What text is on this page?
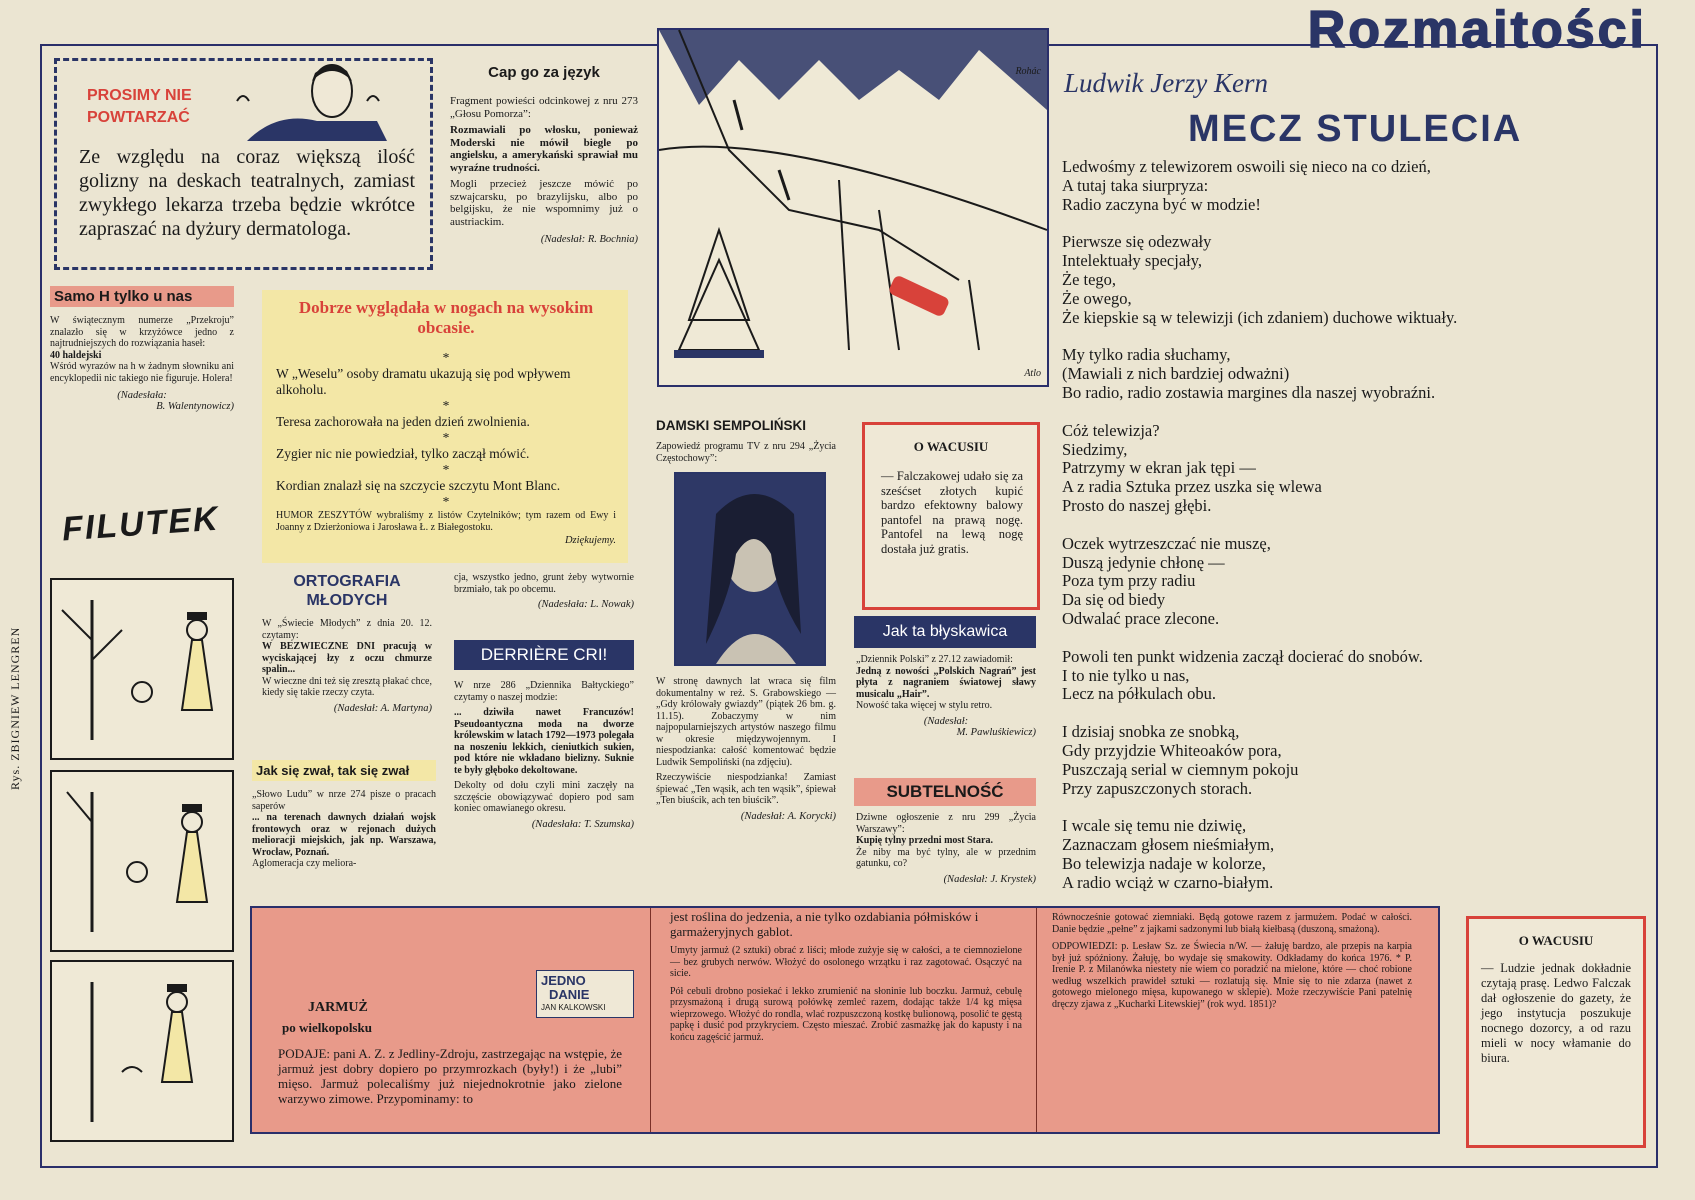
Rozmaitości
Rys. ZBIGNIEW LENGREN
PROSIMY NIE
POWTARZAĆ
Ze względu na coraz większą ilość golizny na deskach teatralnych, zamiast zwykłego lekarza trzeba będzie wkrótce zapraszać na dyżury dermatologa.
Cap go za język

Fragment powieści odcinkowej z nru 273 „Głosu Pomorza”:

Rozmawiali po włosku, ponieważ Moderski nie mówił biegle po angielsku, a amerykański sprawiał mu wyraźne trudności.

Mogli przecież jeszcze mówić po szwajcarsku, po brazylijsku, albo po belgijsku, że nie wspomnimy już o austriackim.

(Nadesłał: R. Bochnia)

Rohác
Atlo
Ludwik Jerzy Kern
MECZ STULECIA
Ledwośmy z telewizorem oswoili się nieco na co dzień,
A tutaj taka siurpryza:
Radio zaczyna być w modzie!
Pierwsze się odezwały
Intelektuały specjały,
Że tego,
Że owego,
Że kiepskie są w telewizji (ich zdaniem) duchowe wiktuały.
My tylko radia słuchamy,
(Mawiali z nich bardziej odważni)
Bo radio, radio zostawia margines dla naszej wyobraźni.
Cóż telewizja?
Siedzimy,
Patrzymy w ekran jak tępi —
A z radia Sztuka przez uszka się wlewa
Prosto do naszej głębi.
Oczek wytrzeszczać nie muszę,
Duszą jedynie chłonę —
Poza tym przy radiu
Da się od biedy
Odwalać prace zlecone.
Powoli ten punkt widzenia zaczął docierać do snobów.
I to nie tylko u nas,
Lecz na półkulach obu.
I dzisiaj snobka ze snobką,
Gdy przyjdzie Whiteoaków pora,
Puszczają serial w ciemnym pokoju
Przy zapuszczonych storach.
I wcale się temu nie dziwię,
Zaznaczam głosem nieśmiałym,
Bo telewizja nadaje w kolorze,
A radio wciąż w czarno-białym.
Samo H tylko u nas

W świątecznym numerze „Przekroju” znalazło się w krzyżówce jedno z najtrudniejszych do rozwiązania haseł:

40 haldejski

Wśród wyrazów na h w żadnym słowniku ani encyklopedii nic takiego nie figuruje. Holera!

(Nadesłała:

B. Walentynowicz)

FILUTEK
Dobrze wyglądała w nogach na wysokim obcasie.
*

W „Weselu” osoby dramatu ukazują się pod wpływem alkoholu.

*

Teresa zachorowała na jeden dzień zwolnienia.

*

Zygier nic nie powiedział, tylko zaczął mówić.

*

Kordian znalazł się na szczycie szczytu Mont Blanc.

*

HUMOR ZESZYTÓW wybraliśmy z listów Czytelników; tym razem od Ewy i Joanny z Dzierżoniowa i Jarosława Ł. z Białegostoku.

Dziękujemy.

ORTOGRAFIA MŁODYCH

W „Świecie Młodych” z dnia 20. 12. czytamy:

W BEZWIECZNE DNI pracują w wyciskającej łzy z oczu chmurze spalin...

W wieczne dni też się zresztą płakać chce, kiedy się takie rzeczy czyta.

(Nadesłał: A. Martyna)

Jak się zwał, tak się zwał

„Słowo Ludu” w nrze 274 pisze o pracach saperów

... na terenach dawnych działań wojsk frontowych oraz w rejonach dużych melioracji miejskich, jak np. Warszawa, Wrocław, Poznań.

Aglomeracja czy meliora-

cja, wszystko jedno, grunt żeby wytwornie brzmiało, tak po obcemu.

(Nadesłała: L. Nowak)

DERRIÈRE CRI!

W nrze 286 „Dziennika Bałtyckiego” czytamy o naszej modzie:

... dziwiła nawet Francuzów! Pseudoantyczna moda na dworze królewskim w latach 1792—1973 polegała na noszeniu lekkich, cieniutkich sukien, pod które nie wkładano bielizny. Suknie te były głęboko dekoltowane.

Dekolty od dołu czyli mini zaczęły na szczęście obowiązywać dopiero pod sam koniec omawianego okresu.

(Nadesłała: T. Szumska)

DAMSKI SEMPOLIŃSKI

Zapowiedź programu TV z nru 294 „Życia Częstochowy”:

W stronę dawnych lat wraca się film dokumentalny w reż. S. Grabowskiego — „Gdy królowały gwiazdy” (piątek 26 bm. g. 11.15). Zobaczymy w nim najpopularniejszych artystów naszego filmu w okresie międzywojennym. I niespodzianka: całość komentować będzie Ludwik Sempoliński (na zdjęciu).

Rzeczywiście niespodzianka! Zamiast śpiewać „Ten wąsik, ach ten wąsik”, śpiewał „Ten biuścik, ach ten biuścik”.

(Nadesłał: A. Korycki)

O WACUSIU

— Falczakowej udało się za sześćset złotych kupić bardzo efektowny balowy pantofel na prawą nogę. Pantofel na lewą nogę dostała już gratis.

Jak ta błyskawica

„Dziennik Polski” z 27.12 zawiadomił:

Jedną z nowości „Polskich Nagrań” jest płyta z nagraniem światowej sławy musicalu „Hair”.

Nowość taka więcej w stylu retro.

(Nadesłał:

M. Pawluśkiewicz)

SUBTELNOŚĆ

Dziwne ogłoszenie z nru 299 „Życia Warszawy”:

Kupię tylny przedni most Stara.

Że niby ma być tylny, ale w przednim gatunku, co?

(Nadesłał: J. Krystek)

JARMUŻ
po wielkopolsku
JEDNO
DANIE
JAN KALKOWSKI

PODAJE: pani A. Z. z Jedliny-Zdroju, zastrzegając na wstępie, że jarmuż jest dobry dopiero po przymrozkach (były!) i że „lubi” mięso. Jarmuż polecaliśmy już niejednokrotnie jako zielone warzywo zimowe. Przypominamy: to

jest roślina do jedzenia, a nie tylko ozdabiania półmisków i garmażeryjnych gablot.

Umyty jarmuż (2 sztuki) obrać z liści; młode zużyje się w całości, a te ciemnozielone — bez grubych nerwów. Włożyć do osolonego wrzątku i raz zagotować. Osączyć na sicie.

Pół cebuli drobno posiekać i lekko zrumienić na słoninie lub boczku. Jarmuż, cebulę przysmażoną i drugą surową połówkę zemleć razem, dodając także 1/4 kg mięsa wieprzowego. Włożyć do rondla, wlać rozpuszczoną kostkę bulionową, posolić te gęstą papkę i dusić pod przykryciem. Często mieszać. Zrobić zasmażkę jak do kapusty i na końcu zagęścić jarmuż.

Równocześnie gotować ziemniaki. Będą gotowe razem z jarmużem. Podać w całości. Danie będzie „pełne” z jajkami sadzonymi lub białą kiełbasą (duszoną, smażoną).

ODPOWIEDZI: p. Lesław Sz. ze Świecia n/W. — żałuję bardzo, ale przepis na karpia był już spóźniony. Żałuję, bo wydaje się smakowity. Odkładamy do końca 1976. * P. Irenie P. z Milanówka niestety nie wiem co poradzić na mielone, które — choć robione według wszelkich prawideł sztuki — rozlatują się. Mnie się to nie zdarza (nawet z gotowego mielonego mięsa, kupowanego w sklepie). Może rzeczywiście Pani patelnię dręczy zjawa z „Kucharki Litewskiej” (rok wyd. 1851)?

O WACUSIU

— Ludzie jednak dokładnie czytają prasę. Ledwo Falczak dał ogłoszenie do gazety, że jego instytucja poszukuje nocnego dozorcy, a od razu mieli w nocy włamanie do biura.
